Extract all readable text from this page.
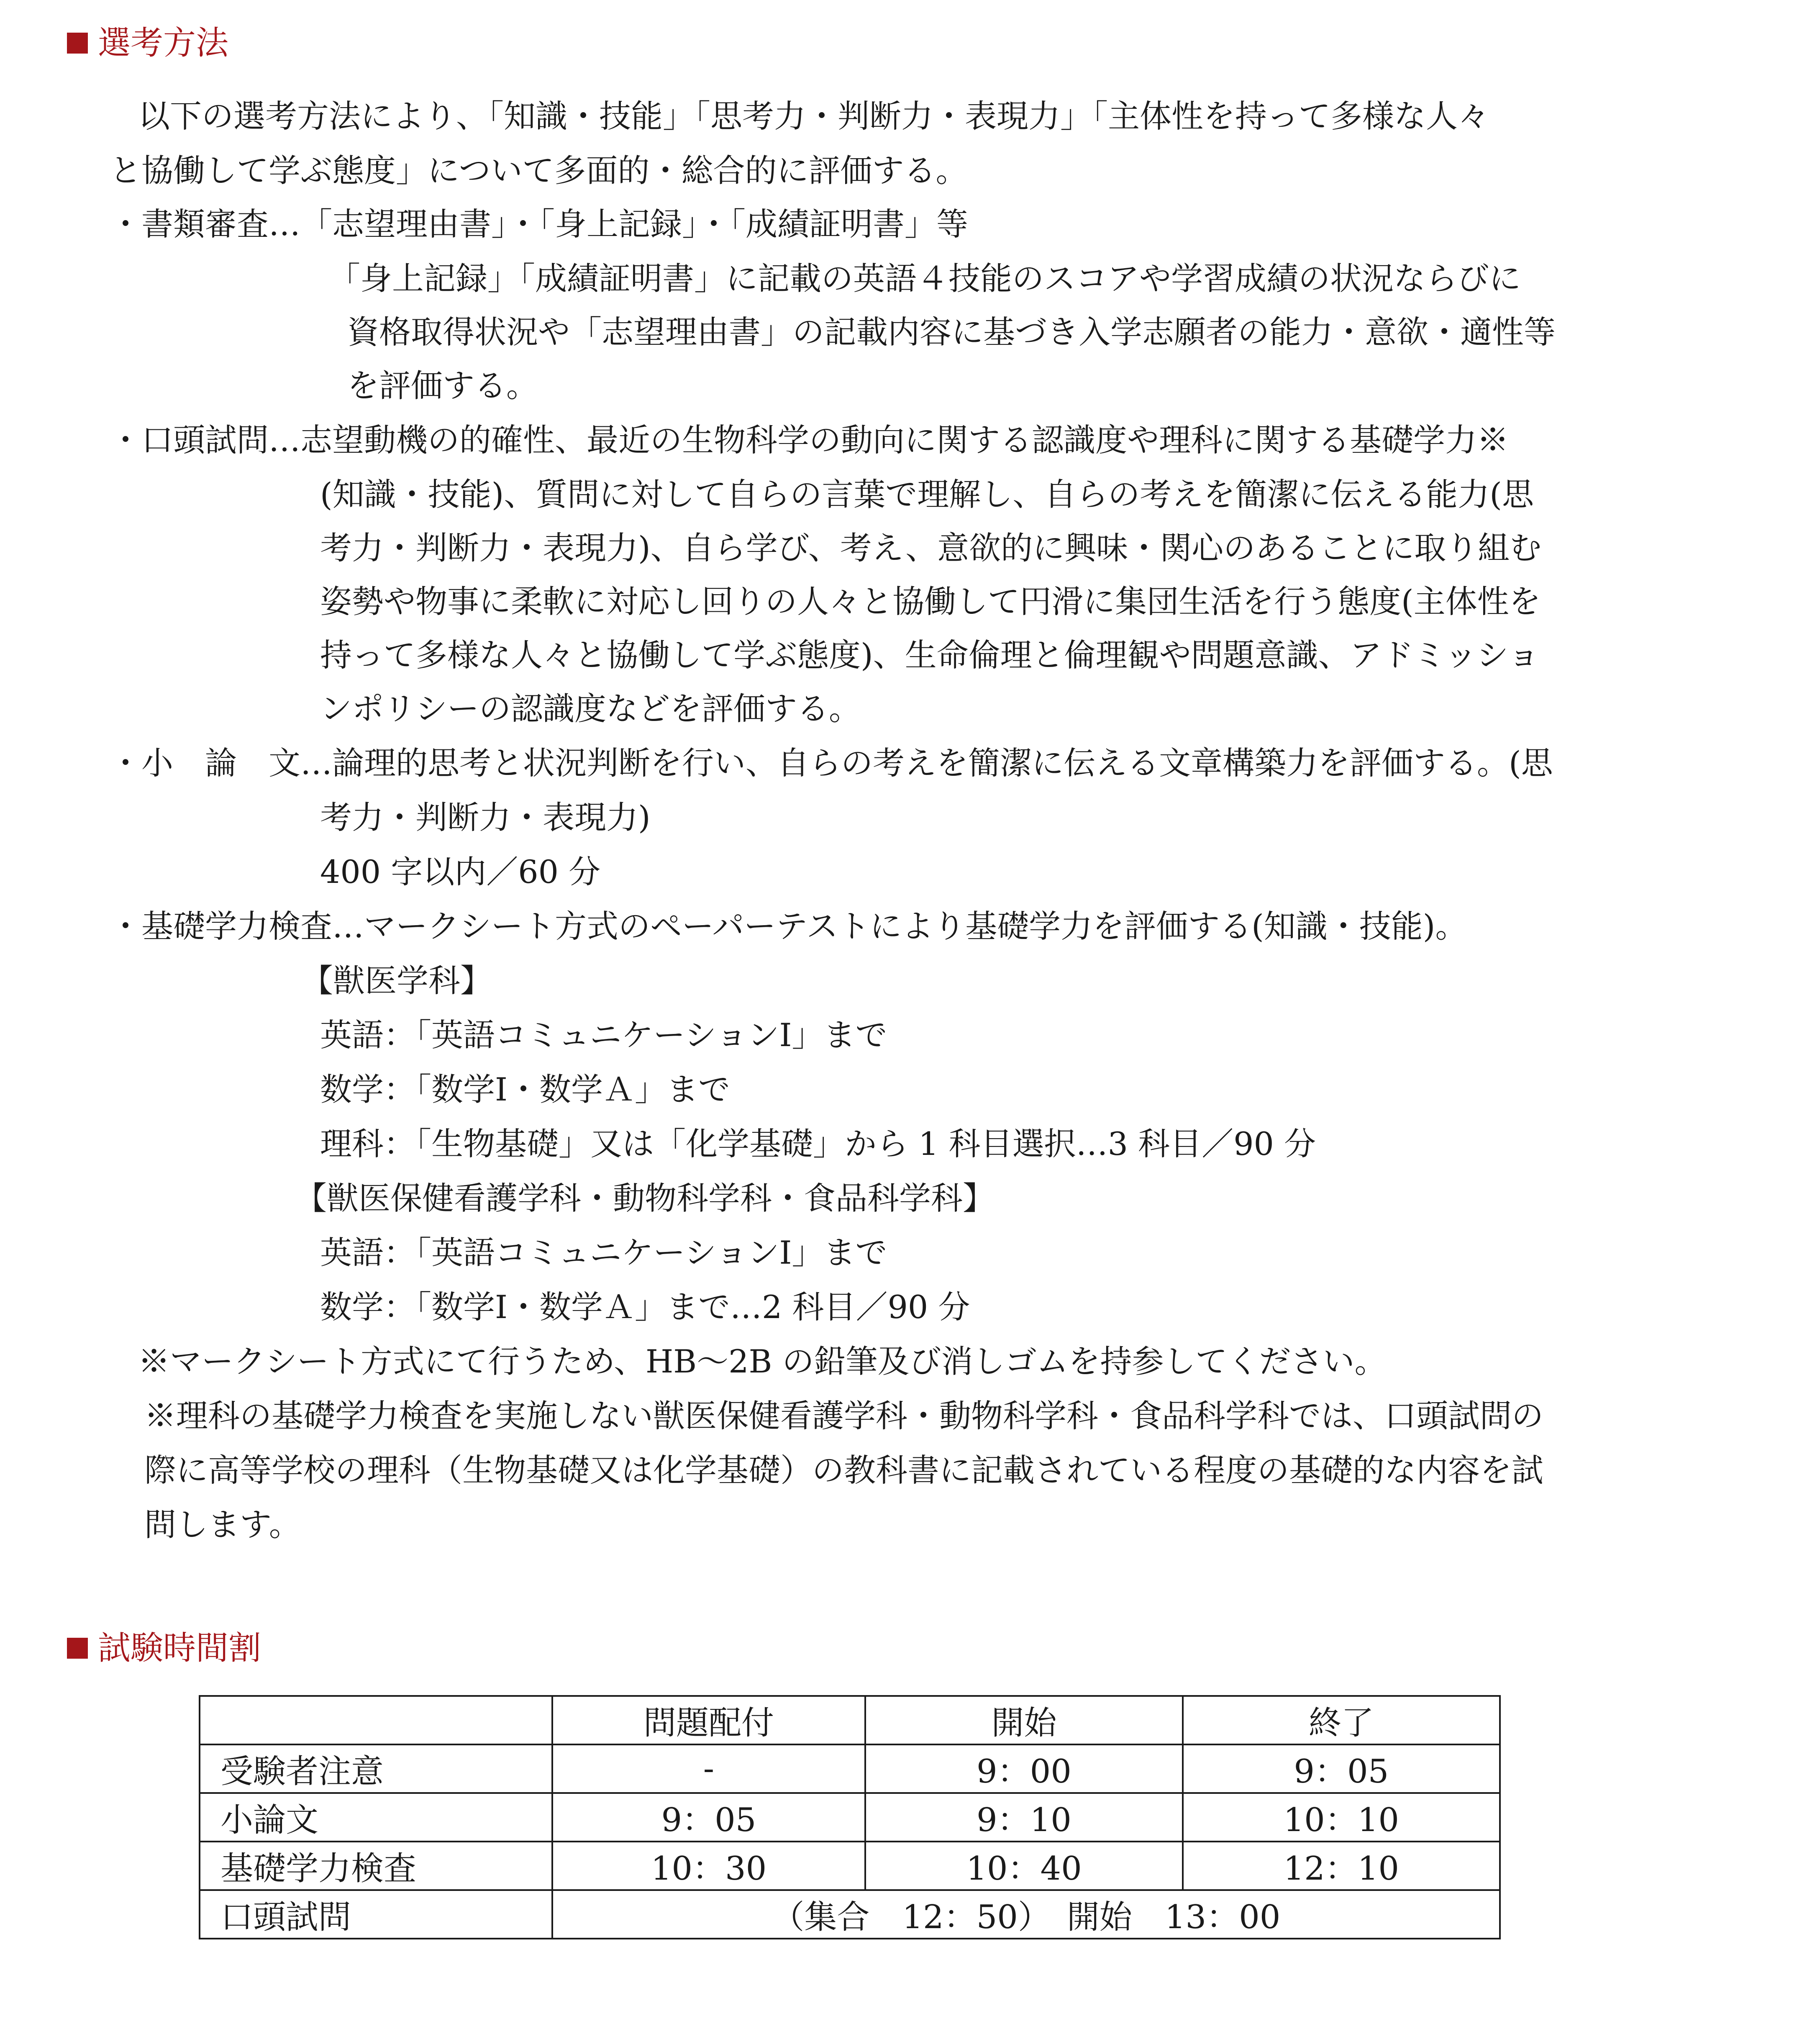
選考方法
以下の選考方法により、「知識・技能」「思考力・判断力・表現力」「主体性を持って多様な人々
と協働して学ぶ態度」について多面的・総合的に評価する。
・書類審査…「志望理由書」・「身上記録」・「成績証明書」等
「身上記録」「成績証明書」に記載の英語４技能のスコアや学習成績の状況ならびに
資格取得状況や「志望理由書」の記載内容に基づき入学志願者の能力・意欲・適性等
を評価する。
・口頭試問…志望動機の的確性、最近の生物科学の動向に関する認識度や理科に関する基礎学力※
(知識・技能)、質問に対して自らの言葉で理解し、自らの考えを簡潔に伝える能力(思
考力・判断力・表現力)、自ら学び、考え、意欲的に興味・関心のあることに取り組む
姿勢や物事に柔軟に対応し回りの人々と協働して円滑に集団生活を行う態度(主体性を
持って多様な人々と協働して学ぶ態度)、生命倫理と倫理観や問題意識、アドミッショ
ンポリシーの認識度などを評価する。
・小　論　文…論理的思考と状況判断を行い、自らの考えを簡潔に伝える文章構築力を評価する。(思
考力・判断力・表現力)
400 字以内／60 分
・基礎学力検査…マークシート方式のペーパーテストにより基礎学力を評価する(知識・技能)。
【獣医学科】
英語：「英語コミュニケーションⅠ」まで
数学：「数学Ⅰ・数学Ａ」まで
理科：「生物基礎」又は「化学基礎」から 1 科目選択…3 科目／90 分
【獣医保健看護学科・動物科学科・食品科学科】
英語：「英語コミュニケーションⅠ」まで
数学：「数学Ⅰ・数学Ａ」まで…2 科目／90 分
※マークシート方式にて行うため、HB〜2B の鉛筆及び消しゴムを持参してください。
※理科の基礎学力検査を実施しない獣医保健看護学科・動物科学科・食品科学科では、口頭試問の
際に高等学校の理科（生物基礎又は化学基礎）の教科書に記載されている程度の基礎的な内容を試
問します。
試験時間割
	問題配付	開始	終了
受験者注意	-	9：00	9：05
小論文	9：05	9：10	10：10
基礎学力検査	10：30	10：40	12：10
口頭試問	（集合　12：50）　開始　13：00		
